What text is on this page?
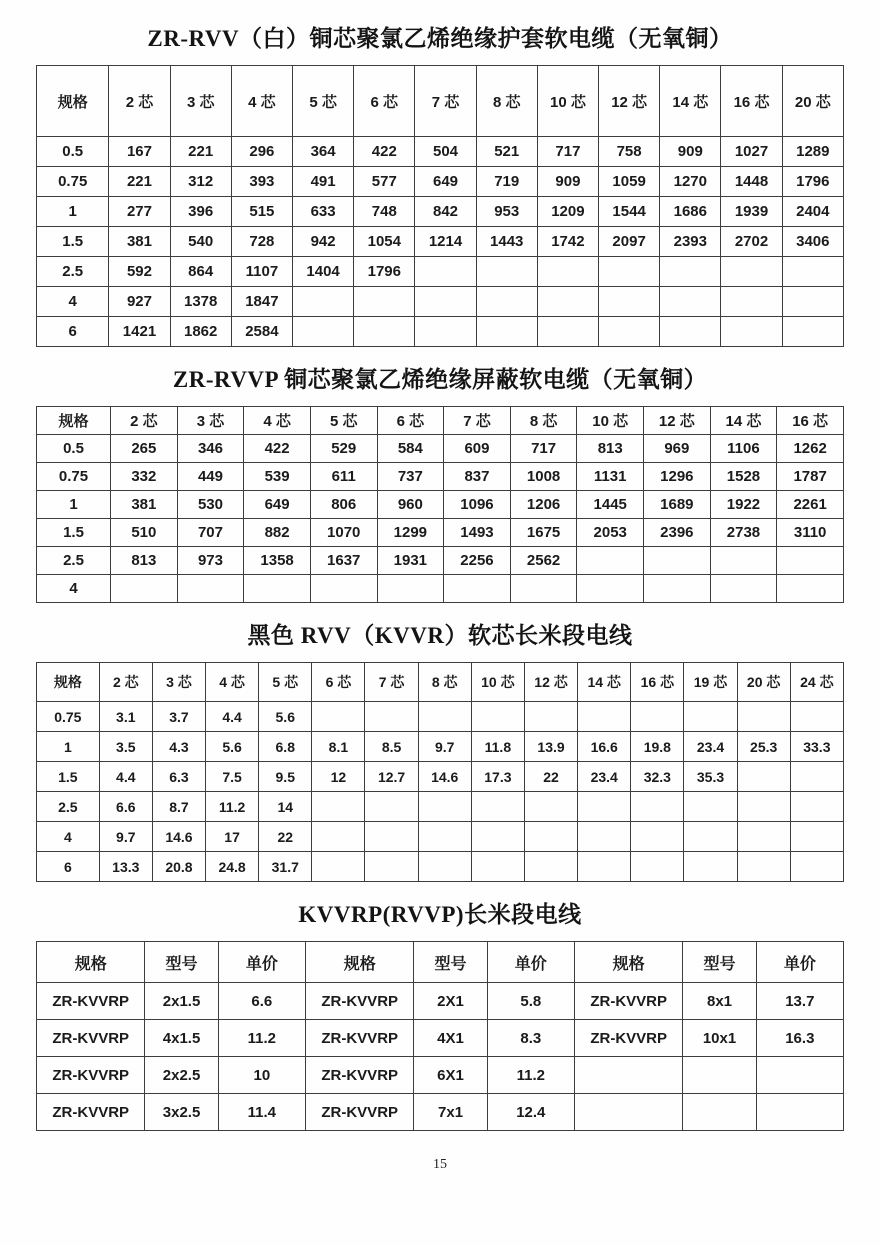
ZR-RVV（白）铜芯聚氯乙烯绝缘护套软电缆（无氧铜）
规格	2 芯	3 芯	4 芯	5 芯	6 芯	7 芯	8 芯	10 芯	12 芯	14 芯	16 芯	20 芯
0.5	167	221	296	364	422	504	521	717	758	909	1027	1289
0.75	221	312	393	491	577	649	719	909	1059	1270	1448	1796
1	277	396	515	633	748	842	953	1209	1544	1686	1939	2404
1.5	381	540	728	942	1054	1214	1443	1742	2097	2393	2702	3406
2.5	592	864	1107	1404	1796							
4	927	1378	1847									
6	1421	1862	2584									
ZR-RVVP 铜芯聚氯乙烯绝缘屏蔽软电缆（无氧铜）
规格	2 芯	3 芯	4 芯	5 芯	6 芯	7 芯	8 芯	10 芯	12 芯	14 芯	16 芯
0.5	265	346	422	529	584	609	717	813	969	1106	1262
0.75	332	449	539	611	737	837	1008	1131	1296	1528	1787
1	381	530	649	806	960	1096	1206	1445	1689	1922	2261
1.5	510	707	882	1070	1299	1493	1675	2053	2396	2738	3110
2.5	813	973	1358	1637	1931	2256	2562				
4											
黑色 RVV（KVVR）软芯长米段电线
规格	2 芯	3 芯	4 芯	5 芯	6 芯	7 芯	8 芯	10 芯	12 芯	14 芯	16 芯	19 芯	20 芯	24 芯
0.75	3.1	3.7	4.4	5.6										
1	3.5	4.3	5.6	6.8	8.1	8.5	9.7	11.8	13.9	16.6	19.8	23.4	25.3	33.3
1.5	4.4	6.3	7.5	9.5	12	12.7	14.6	17.3	22	23.4	32.3	35.3		
2.5	6.6	8.7	11.2	14										
4	9.7	14.6	17	22										
6	13.3	20.8	24.8	31.7										
KVVRP(RVVP)长米段电线
规格	型号	单价	规格	型号	单价	规格	型号	单价
ZR-KVVRP	2x1.5	6.6	ZR-KVVRP	2X1	5.8	ZR-KVVRP	8x1	13.7
ZR-KVVRP	4x1.5	11.2	ZR-KVVRP	4X1	8.3	ZR-KVVRP	10x1	16.3
ZR-KVVRP	2x2.5	10	ZR-KVVRP	6X1	11.2			
ZR-KVVRP	3x2.5	11.4	ZR-KVVRP	7x1	12.4			
15
